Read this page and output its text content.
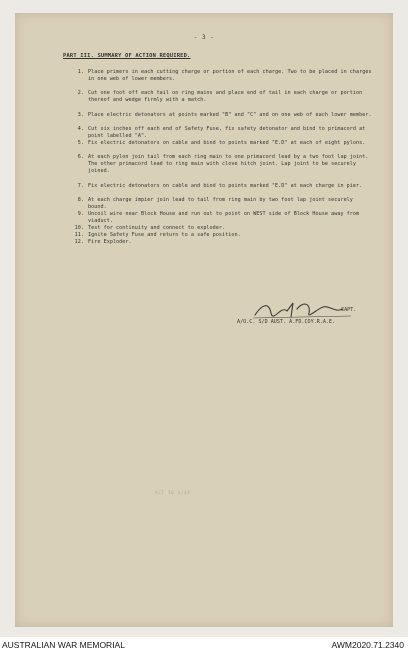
- 3 -
PART III. SUMMARY OF ACTION REQUIRED.
1. Place primers in each cutting charge or portion of each charge. Two to be placed in charges in one web of lower members.
2. Cut one foot off each tail on ring mains and place end of tail in each charge or portion thereof and wedge firmly with a match.
3. Place electric detonators at points marked "B" and "C" and on one web of each lower member.
4. Cut six inches off each end of Safety Fuse, fix safety detonator and bind to primacord at point labelled "A".
5. Fix electric detonators on cable and bind to points marked "E.D" at each of eight pylons.
6. At each pylon join tail from each ring main to one primacord lead by a two foot lap joint. The other primacord lead to ring main with clove hitch joint. Lap joint to be securely joined.
7. Fix electric detonators on cable and bind to points marked "E.D" at each charge in pier.
8. At each charge impier join lead to tail from ring main by two foot lap joint securely bound.
9. Uncoil wire near Block House and run out to point on WEST side of Block House away from viaduct.
10. Test for continuity and connect to exploder.
11. Ignite Safety Fuse and return to a safe position.
12. Fire Exploder.
CAPT.
A/O.C. S/D AUST. A.FD.COY.R.A.E.
ACT 10 3/44
AUSTRALIAN WAR MEMORIAL	AWM2020.71.2340
